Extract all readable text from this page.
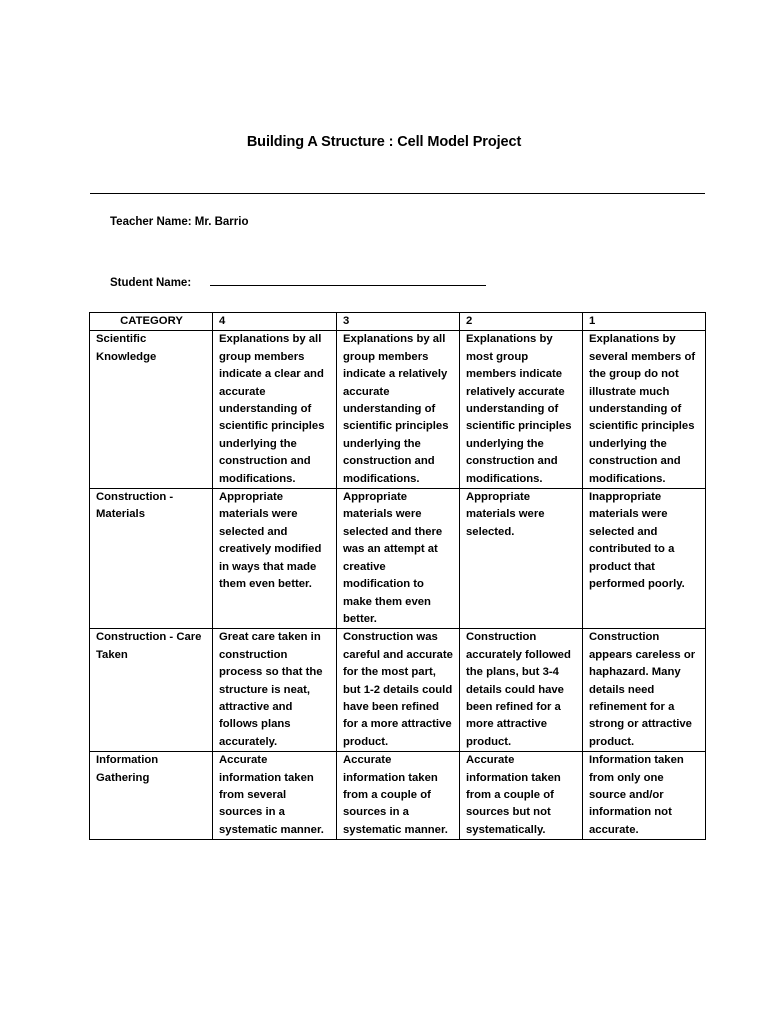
Building A Structure : Cell Model Project
Teacher Name: Mr. Barrio
Student Name:
CATEGORY	4	3	2	1
Scientific Knowledge	Explanations by all group members indicate a clear and accurate understanding of scientific principles underlying the construction and modifications.	Explanations by all group members indicate a relatively accurate understanding of scientific principles underlying the construction and modifications.	Explanations by most group members indicate relatively accurate understanding of scientific principles underlying the construction and modifications.	Explanations by several members of the group do not illustrate much understanding of scientific principles underlying the construction and modifications.
Construction - Materials	Appropriate materials were selected and creatively modified in ways that made them even better.	Appropriate materials were selected and there was an attempt at creative modification to make them even better.	Appropriate materials were selected.	Inappropriate materials were selected and contributed to a product that performed poorly.
Construction - Care Taken	Great care taken in construction process so that the structure is neat, attractive and follows plans accurately.	Construction was careful and accurate for the most part, but 1-2 details could have been refined for a more attractive product.	Construction accurately followed the plans, but 3-4 details could have been refined for a more attractive product.	Construction appears careless or haphazard. Many details need refinement for a strong or attractive product.
Information Gathering	Accurate information taken from several sources in a systematic manner.	Accurate information taken from a couple of sources in a systematic manner.	Accurate information taken from a couple of sources but not systematically.	Information taken from only one source and/or information not accurate.
